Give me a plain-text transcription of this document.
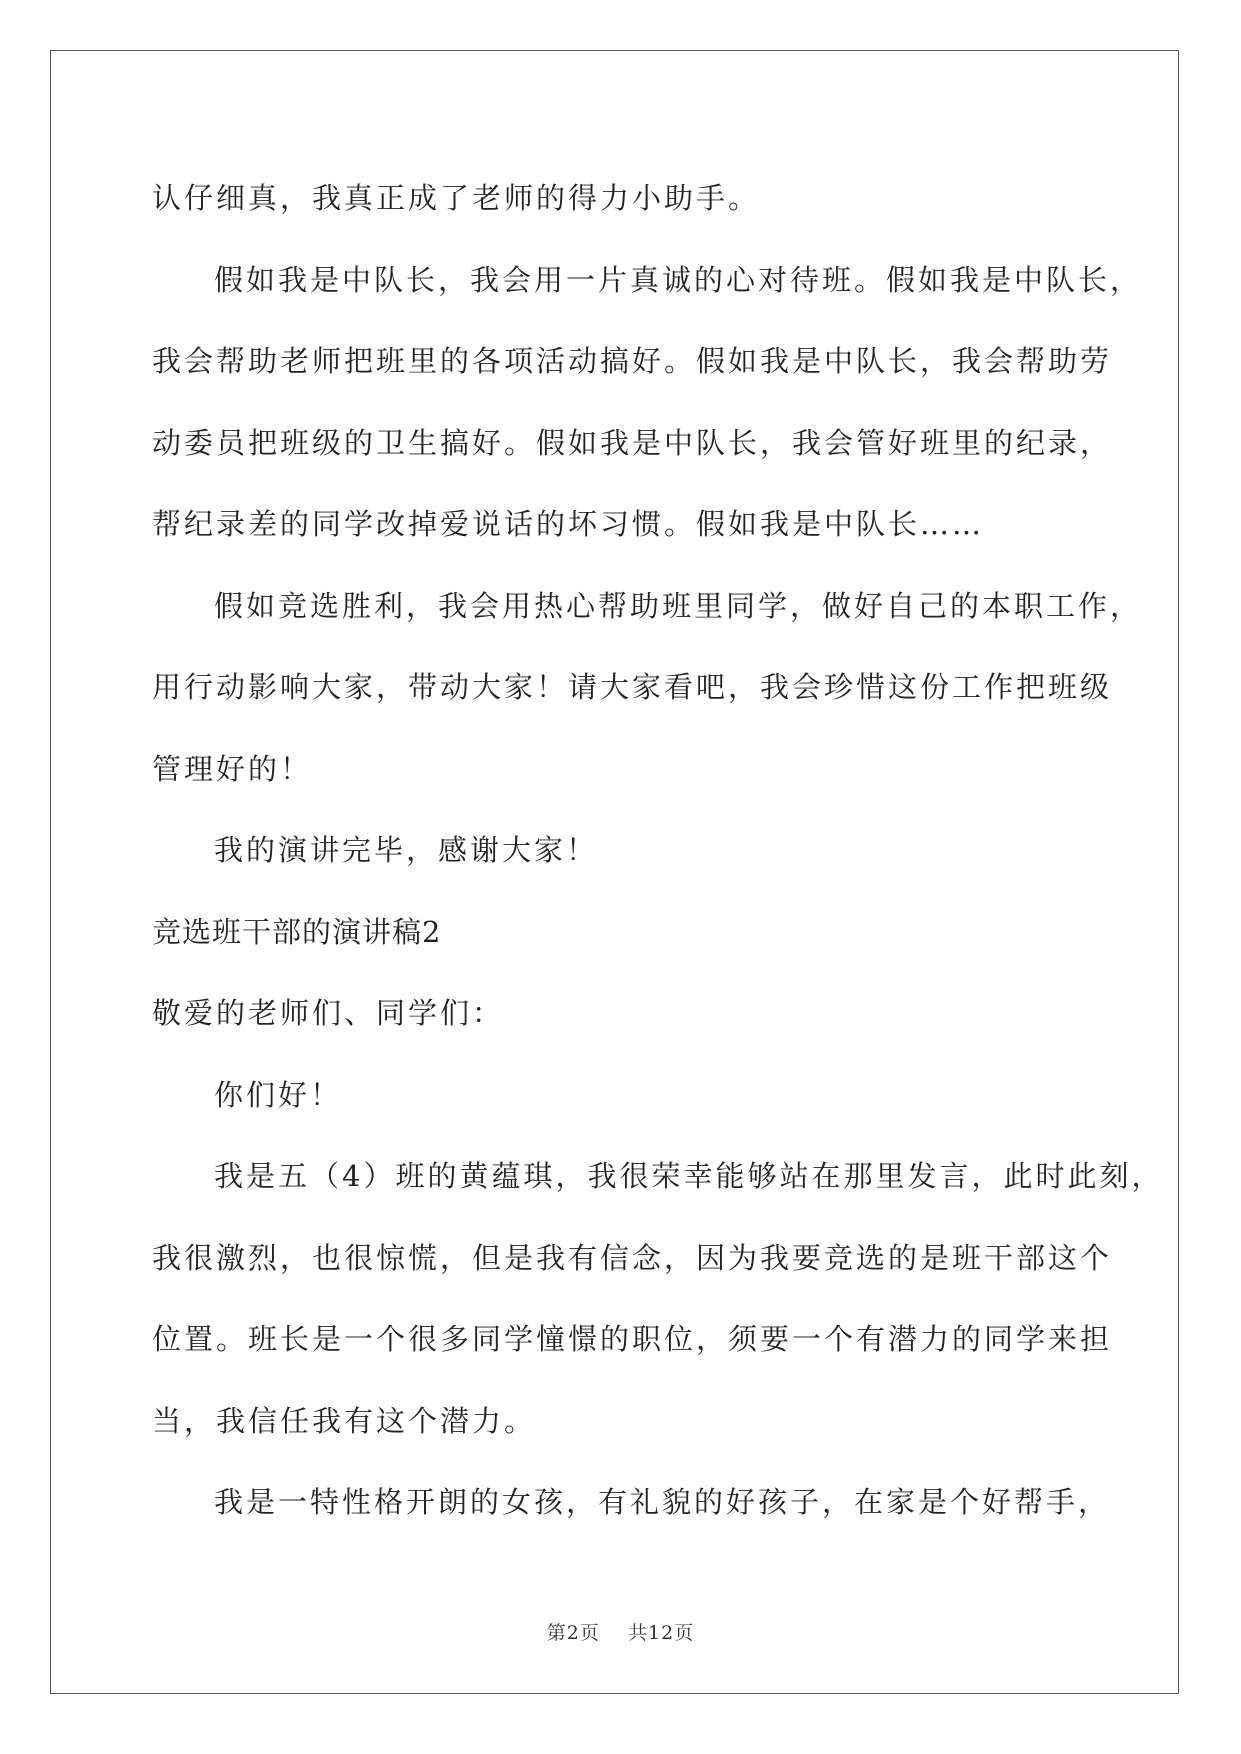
认仔细真，我真正成了老师的得力小助手。

假如我是中队长，我会用一片真诚的心对待班。假如我是中队长，

我会帮助老师把班里的各项活动搞好。假如我是中队长，我会帮助劳

动委员把班级的卫生搞好。假如我是中队长，我会管好班里的纪录，

帮纪录差的同学改掉爱说话的坏习惯。假如我是中队长……

假如竞选胜利，我会用热心帮助班里同学，做好自己的本职工作，

用行动影响大家，带动大家！请大家看吧，我会珍惜这份工作把班级

管理好的！

我的演讲完毕，感谢大家！

竞选班干部的演讲稿2

敬爱的老师们、同学们：

你们好！

我是五（4）班的黄蕴琪，我很荣幸能够站在那里发言，此时此刻，

我很激烈，也很惊慌，但是我有信念，因为我要竞选的是班干部这个

位置。班长是一个很多同学憧憬的职位，须要一个有潜力的同学来担

当，我信任我有这个潜力。

我是一特性格开朗的女孩，有礼貌的好孩子，在家是个好帮手，

第2页 共12页
